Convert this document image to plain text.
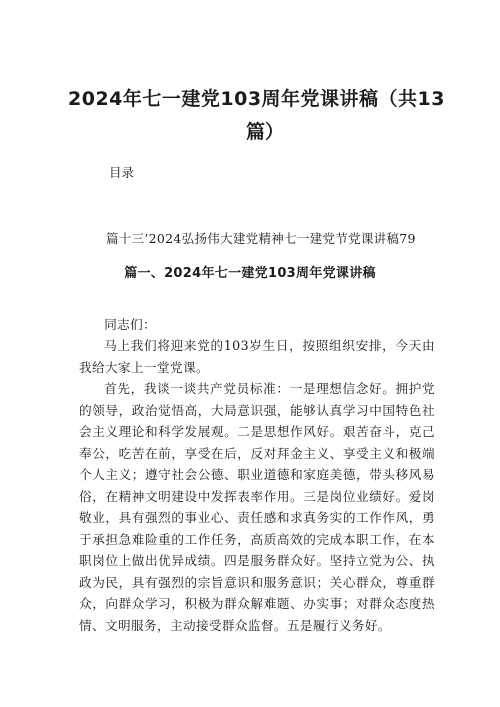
2024年七一建党103周年党课讲稿（共13
篇）
目录
篇十三’2024弘扬伟大建党精神七一建党节党课讲稿79
篇一、2024年七一建党103周年党课讲稿

同志们：

马上我们将迎来党的103岁生日，按照组织安排，今天由我给大家上一堂党课。

首先，我谈一谈共产党员标准：一是理想信念好。拥护党的领导，政治觉悟高，大局意识强，能够认真学习中国特色社会主义理论和科学发展观。二是思想作风好。艰苦奋斗，克己奉公，吃苦在前，享受在后，反对拜金主义、享受主义和极端个人主义；遵守社会公德、职业道德和家庭美德，带头移风易俗，在精神文明建设中发挥表率作用。三是岗位业绩好。爱岗敬业，具有强烈的事业心、责任感和求真务实的工作作风，勇于承担急难险重的工作任务，高质高效的完成本职工作，在本职岗位上做出优异成绩。四是服务群众好。坚持立党为公、执政为民，具有强烈的宗旨意识和服务意识；关心群众，尊重群众，向群众学习，积极为群众解难题、办实事；对群众态度热情、文明服务，主动接受群众监督。五是履行义务好。
